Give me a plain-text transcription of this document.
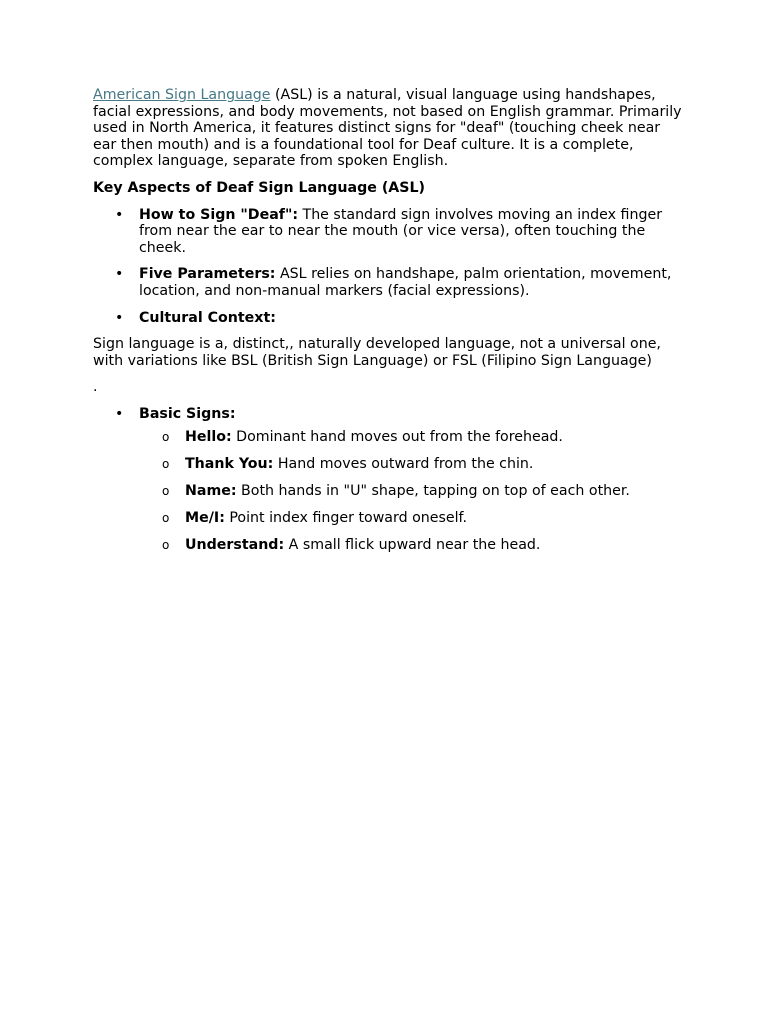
American Sign Language (ASL) is a natural, visual language using handshapes, facial expressions, and body movements, not based on English grammar. Primarily used in North America, it features distinct signs for "deaf" (touching cheek near ear then mouth) and is a foundational tool for Deaf culture. It is a complete, complex language, separate from spoken English.

Key Aspects of Deaf Sign Language (ASL)

• How to Sign "Deaf": The standard sign involves moving an index finger from near the ear to near the mouth (or vice versa), often touching the cheek.
• Five Parameters: ASL relies on handshape, palm orientation, movement, location, and non-manual markers (facial expressions).
• Cultural Context:

Sign language is a, distinct,, naturally developed language, not a universal one, with variations like BSL (British Sign Language) or FSL (Filipino Sign Language)

.

• Basic Signs:
o	Hello: Dominant hand moves out from the forehead.
o	Thank You: Hand moves outward from the chin.
o	Name: Both hands in "U" shape, tapping on top of each other.
o	Me/I: Point index finger toward oneself.
o	Understand: A small flick upward near the head.
